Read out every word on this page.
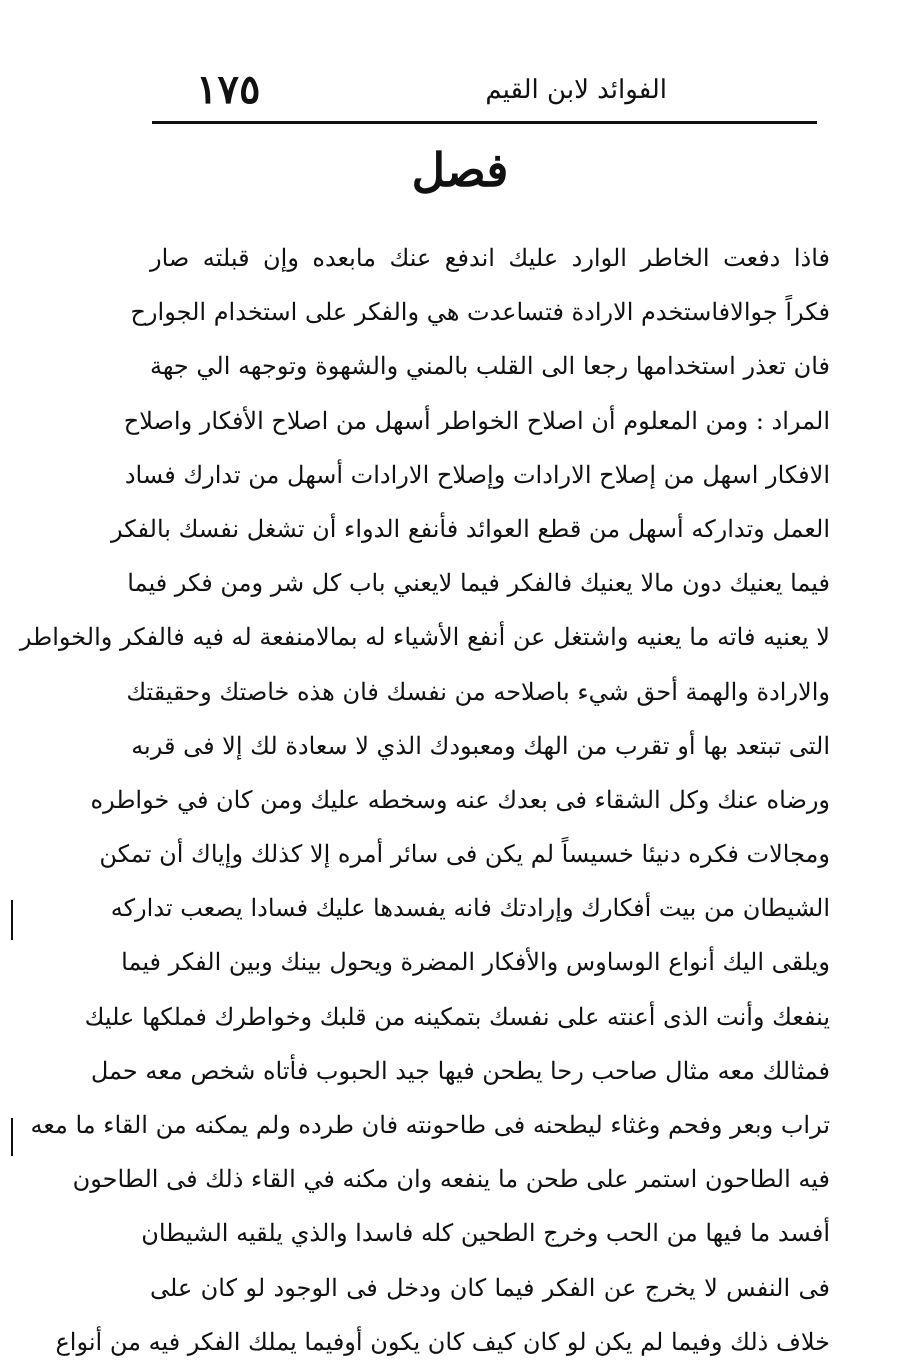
١٧٥	الفوائد لابن القيم
فصل
فاذا دفعت الخاطر الوارد عليك اندفع عنك مابعده وإن قبلته صار
فكراً جوالافاستخدم الارادة فتساعدت هي والفكر على استخدام الجوارح
فان تعذر استخدامها رجعا الى القلب بالمني والشهوة وتوجهه الي جهة
المراد : ومن المعلوم أن اصلاح الخواطر أسهل من اصلاح الأفكار واصلاح
الافكار اسهل من إصلاح الارادات وإصلاح الارادات أسهل من تدارك فساد
العمل وتداركه أسهل من قطع العوائد فأنفع الدواء أن تشغل نفسك بالفكر
فيما يعنيك دون مالا يعنيك فالفكر فيما لايعني باب كل شر ومن فكر فيما
لا يعنيه فاته ما يعنيه واشتغل عن أنفع الأشياء له بمالامنفعة له فيه فالفكر والخواطر
والارادة والهمة أحق شيء باصلاحه من نفسك فان هذه خاصتك وحقيقتك
التى تبتعد بها أو تقرب من الهك ومعبودك الذي لا سعادة لك إلا فى قربه
ورضاه عنك وكل الشقاء فى بعدك عنه وسخطه عليك ومن كان في خواطره
ومجالات فكره دنيئا خسيساً لم يكن فى سائر أمره إلا كذلك وإياك أن تمكن
الشيطان من بيت أفكارك وإرادتك فانه يفسدها عليك فسادا يصعب تداركه
ويلقى اليك أنواع الوساوس والأفكار المضرة ويحول بينك وبين الفكر فيما
ينفعك وأنت الذى أعنته على نفسك بتمكينه من قلبك وخواطرك فملكها عليك
فمثالك معه مثال صاحب رحا يطحن فيها جيد الحبوب فأتاه شخص معه حمل
تراب وبعر وفحم وغثاء ليطحنه فى طاحونته فان طرده ولم يمكنه من القاء ما معه
فيه الطاحون استمر على طحن ما ينفعه وان مكنه في القاء ذلك فى الطاحون
أفسد ما فيها من الحب وخرج الطحين كله فاسدا والذي يلقيه الشيطان
فى النفس لا يخرج عن الفكر فيما كان ودخل فى الوجود لو كان على
خلاف ذلك وفيما لم يكن لو كان كيف كان يكون أوفيما يملك الفكر فيه من أنواع
